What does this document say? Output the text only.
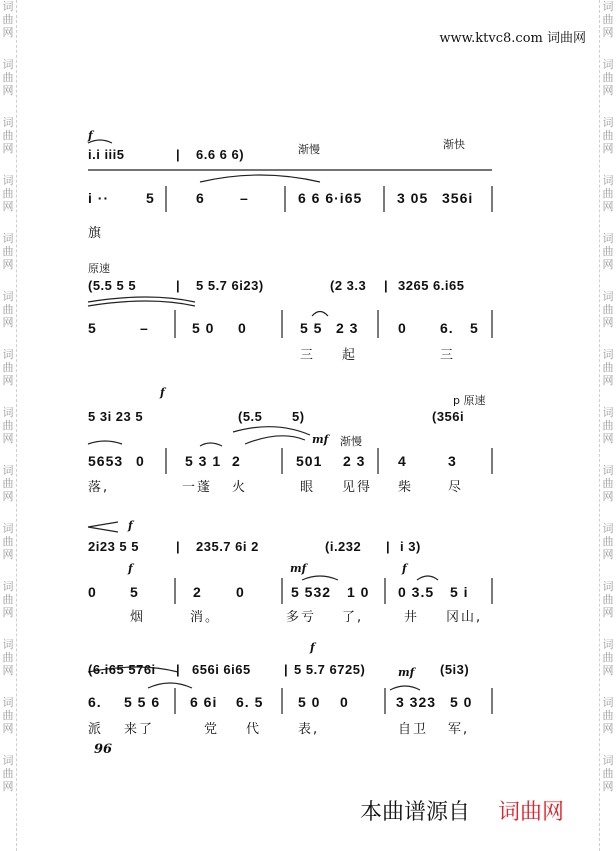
词曲网
词曲网
词曲网
词曲网
词曲网
词曲网
词曲网
词曲网
词曲网
词曲网
词曲网
词曲网
词曲网
词曲网
词曲网
词曲网
词曲网
词曲网
词曲网
词曲网
词曲网
词曲网
词曲网
词曲网
词曲网
词曲网
词曲网
词曲网
www.ktvc8.com 词曲网
f
渐慢	渐快
i.i iii5	| 6.6 6 6)
i ··	5	6	–	6 6 6·i65 3 05 356i
旗
原速
(5.5 5 5	| 5 5.7 6i23)	(2 3.3 | 3265 6.i65
5	–	5 0 0	5 5 2 3	0 6. 5
三 起	三
f
mf 渐慢
p 原速
5 3i 23 5	(5.5 5)	(356i
5653 0	5 3 1 2	501 2 3 4	3
落,	一蓬 火	眼 见得 柴	尽
f
f	mf	f
2i23 5 5	| 235.7 6i 2	(i.232 | i 3)
0 5	2 0	5 532 1 0 0 3.5 5 i
烟	消。	多亏 了,	井 冈山,
f
mf
(6.i65 576i | 656i 6i65	| 5 5.7 6725)	(5i3)
6. 5 5 6 6 6i 6. 5 5 0 0	3 323 5 0
派 来了	党 代	表,	自卫 军,
96
本曲谱源自 词曲网
